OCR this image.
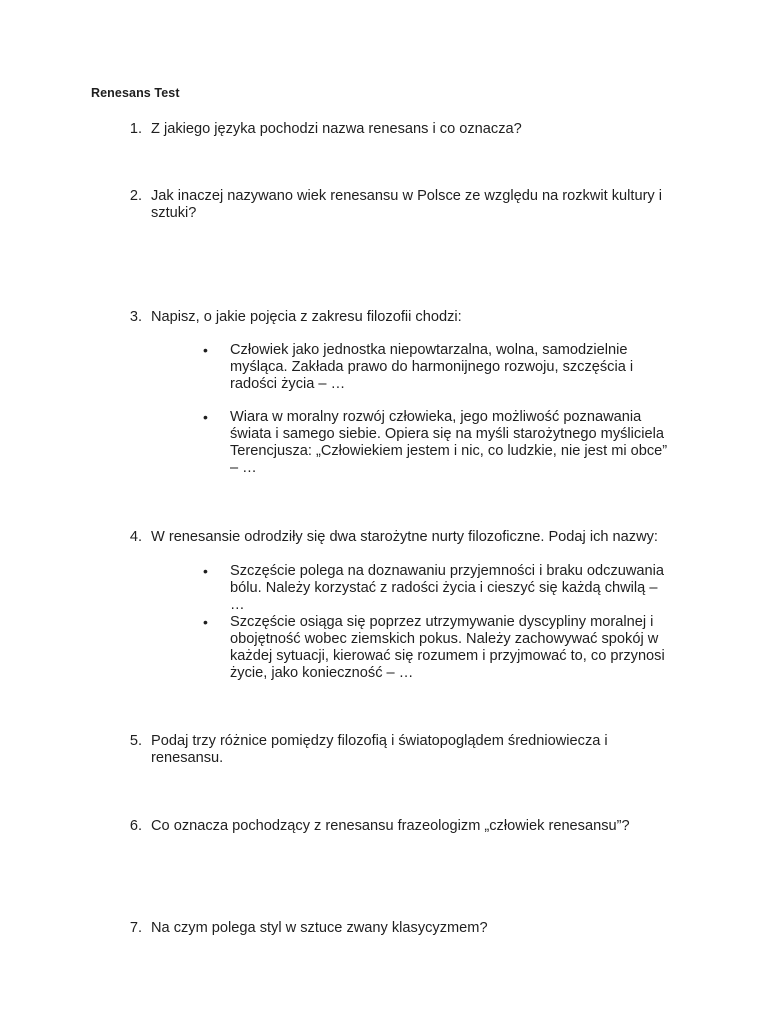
Renesans Test
1. Z jakiego języka pochodzi nazwa renesans i co oznacza?
2. Jak inaczej nazywano wiek renesansu w Polsce ze względu na rozkwit kultury i sztuki?
3. Napisz, o jakie pojęcia z zakresu filozofii chodzi:
• Człowiek jako jednostka niepowtarzalna, wolna, samodzielnie myśląca. Zakłada prawo do harmonijnego rozwoju, szczęścia i radości życia – …
• Wiara w moralny rozwój człowieka, jego możliwość poznawania świata i samego siebie. Opiera się na myśli starożytnego myśliciela Terencjusza: „Człowiekiem jestem i nic, co ludzkie, nie jest mi obce” – …
4. W renesansie odrodziły się dwa starożytne nurty filozoficzne. Podaj ich nazwy:
• Szczęście polega na doznawaniu przyjemności i braku odczuwania bólu. Należy korzystać z radości życia i cieszyć się każdą chwilą – …
• Szczęście osiąga się poprzez utrzymywanie dyscypliny moralnej i obojętność wobec ziemskich pokus. Należy zachowywać spokój w każdej sytuacji, kierować się rozumem i przyjmować to, co przynosi życie, jako konieczność – …
5. Podaj trzy różnice pomiędzy filozofią i światopoglądem średniowiecza i renesansu.
6. Co oznacza pochodzący z renesansu frazeologizm „człowiek renesansu”?
7. Na czym polega styl w sztuce zwany klasycyzmem?
